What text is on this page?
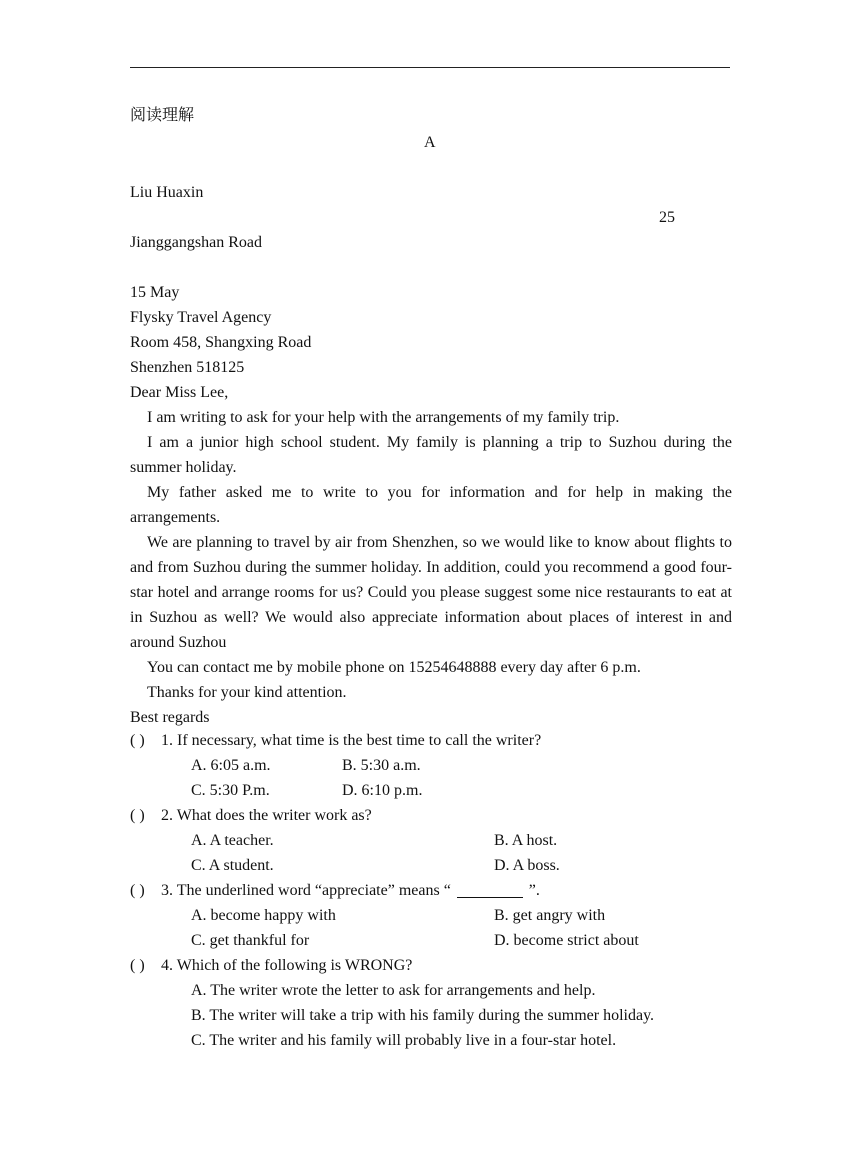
阅读理解
A
Liu Huaxin
25
Jianggangshan Road
15 May
Flysky Travel Agency
Room 458, Shangxing Road
Shenzhen 518125
Dear Miss Lee,
I am writing to ask for your help with the arrangements of my family trip.
I am a junior high school student. My family is planning a trip to Suzhou during the summer holiday.
My father asked me to write to you for information and for help in making the arrangements.
We are planning to travel by air from Shenzhen, so we would like to know about flights to and from Suzhou during the summer holiday. In addition, could you recommend a good four-star hotel and arrange rooms for us? Could you please suggest some nice restaurants to eat at in Suzhou as well? We would also appreciate information about places of interest in and around Suzhou
You can contact me by mobile phone on 15254648888 every day after 6 p.m.
Thanks for your kind attention.
Best regards
( ) 1. If necessary, what time is the best time to call the writer?
A. 6:05 a.m.	B. 5:30 a.m.
C. 5:30 P.m.	D. 6:10 p.m.
( ) 2. What does the writer work as?
A. A teacher.	B. A host.
C. A student.	D. A boss.
( ) 3. The underlined word “appreciate” means “	”.
A. become happy with	B. get angry with
C. get thankful for	D. become strict about
( ) 4. Which of the following is WRONG?
A. The writer wrote the letter to ask for arrangements and help.
B. The writer will take a trip with his family during the summer holiday.
C. The writer and his family will probably live in a four-star hotel.
